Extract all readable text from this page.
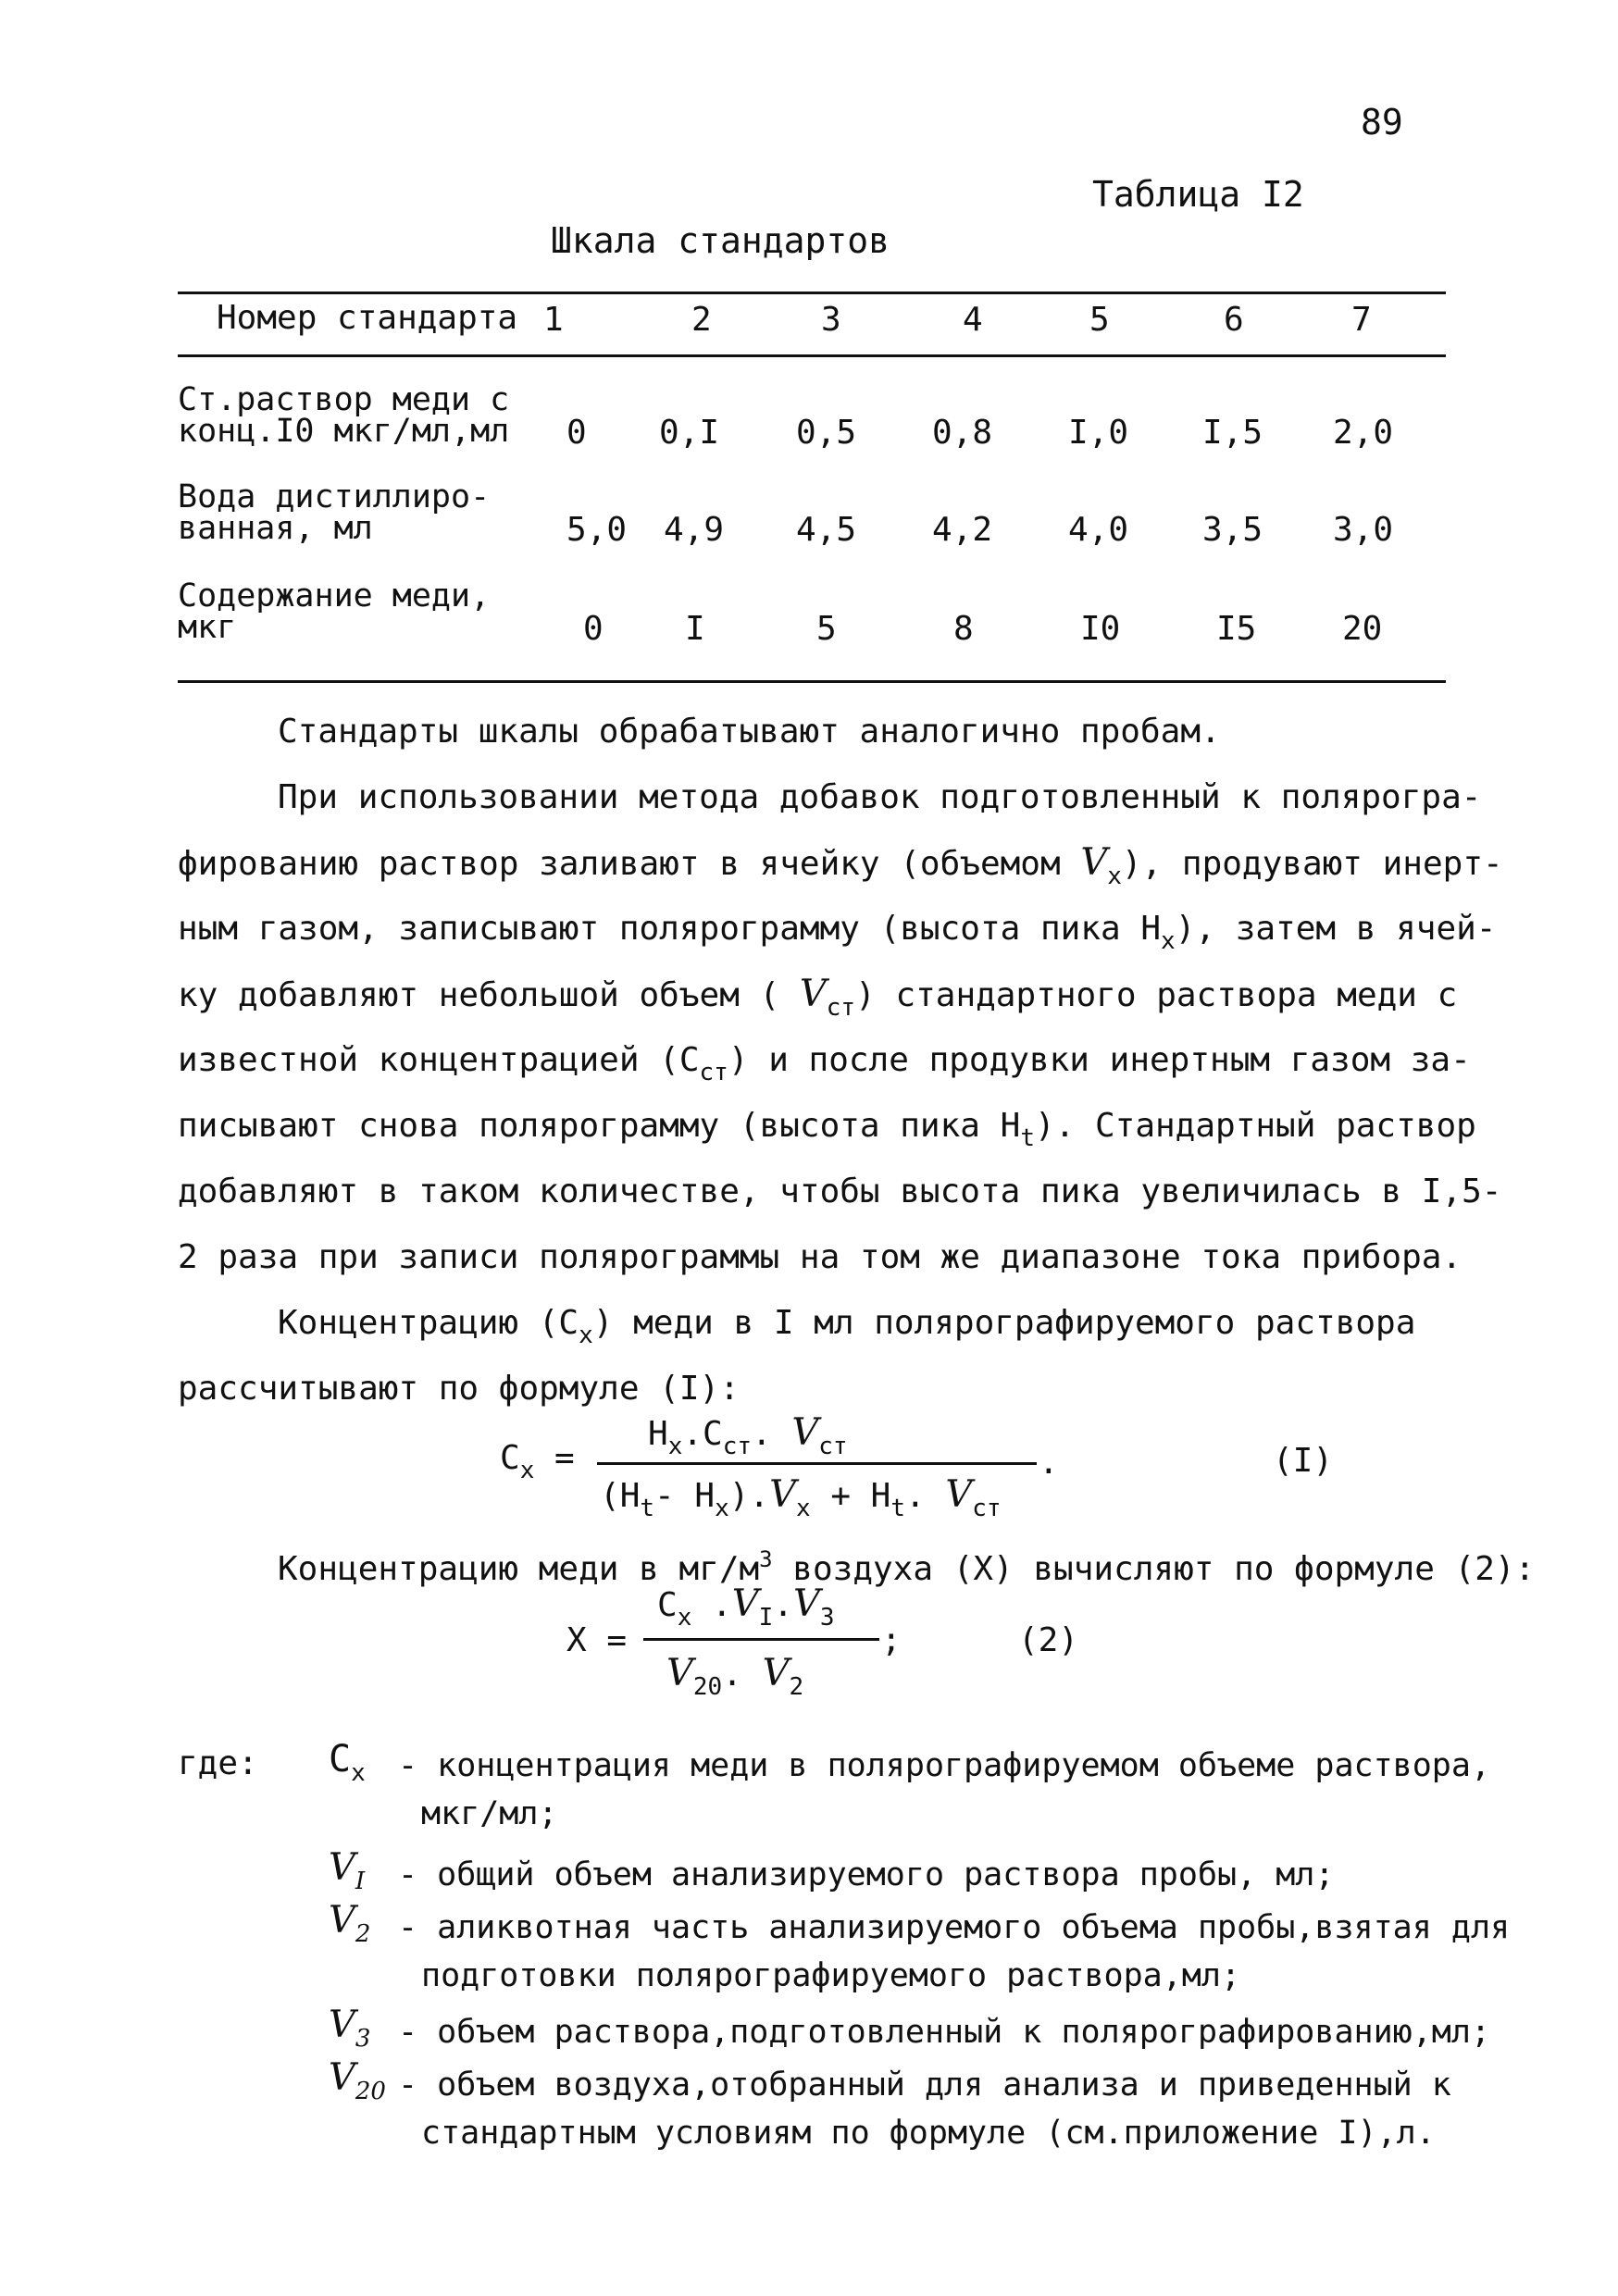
89
Таблица I2
Шкала стандартов
Номер стандарта 1	2	3	4	5	6	7
Ст.раствор меди с
конц.I0 мкг/мл,мл 0 0,I 0,5 0,8 I,0 I,5 2,0
Вода дистиллиро-
ванная, мл	5,0 4,9 4,5 4,2 4,0 3,5 3,0
Содержание меди,
мкг	0 I	5	8	I0	I5	20
Стандарты шкалы обрабатывают аналогично пробам.
При использовании метода добавок подготовленный к полярогра-
фированию раствор заливают в ячейку (объемом $V_x$), продувают инерт-
ным газом, записывают полярограмму (высота пика $H_x$), затем в ячей-
ку добавляют небольшой объем ( $V_{ст}$) стандартного раствора меди с
известной концентрацией $(C_{ст})$ и после продувки инертным газом за-
писывают снова полярограмму (высота пика $H_t$). Стандартный раствор
добавляют в таком количестве, чтобы высота пика увеличилась в I,5-
2 раза при записи полярограммы на том же диапазоне тока прибора.
Концентрацию $(C_x)$ меди в I мл полярографируемого раствора
рассчитывают по формуле (I):
$C_x$ =
$H_x.C_{ст}$. $V_{ст}$
($H_t-$ $H_x).V_x + H_t$. $V_{ст}$
.	(I)
Концентрацию меди в $мг/м^3$ воздуха (X) вычисляют по формуле (2):
X =
$C_x$ $.V_I.V_3$
$V_{20}$. $V_2$
;	(2)
где: $C_x$ - концентрация меди в полярографируемом объеме раствора,
мкг/мл;
$V_I$ - общий объем анализируемого раствора пробы, мл;
$V_2$ - аликвотная часть анализируемого объема пробы,взятая для
подготовки полярографируемого раствора,мл;
$V_3$ - объем раствора,подготовленный к полярографированию,мл;
$V_{20}$ - объем воздуха,отобранный для анализа и приведенный к
стандартным условиям по формуле (см.приложение I),л.
